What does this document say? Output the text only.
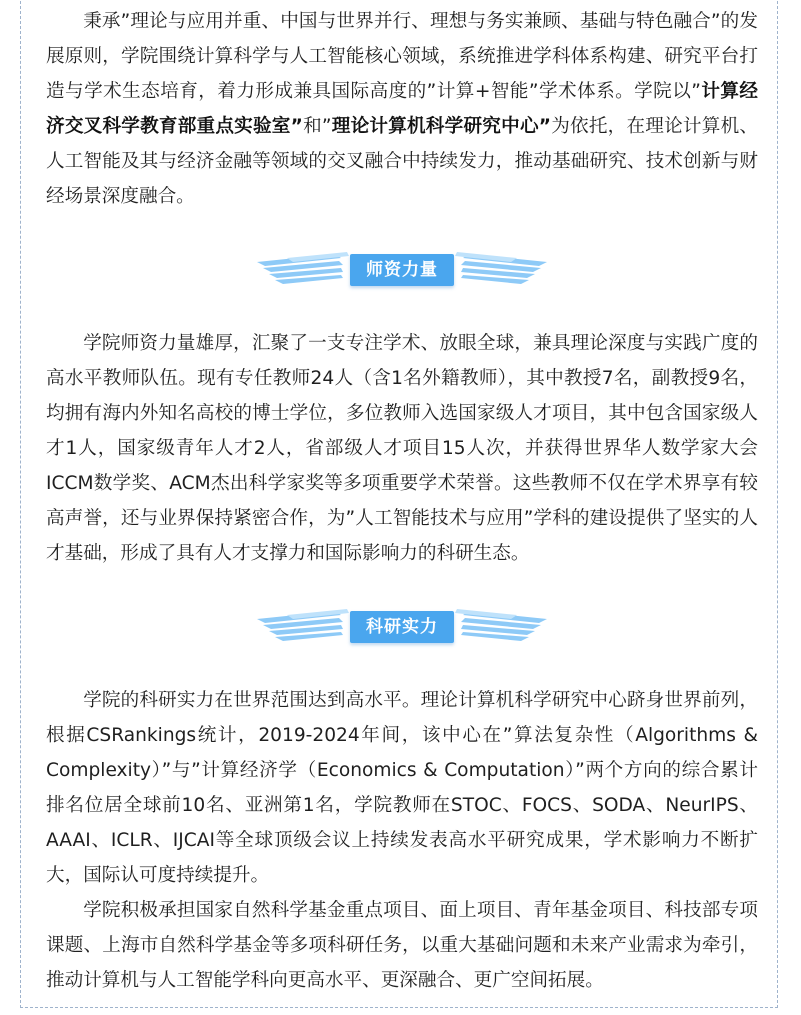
秉承”理论与应用并重、中国与世界并行、理想与务实兼顾、基础与特色融合”的发展原则，学院围绕计算科学与人工智能核心领域，系统推进学科体系构建、研究平台打造与学术生态培育，着力形成兼具国际高度的”计算+智能”学术体系。学院以”计算经济交叉科学教育部重点实验室”和”理论计算机科学研究中心”为依托，在理论计算机、人工智能及其与经济金融等领域的交叉融合中持续发力，推动基础研究、技术创新与财经场景深度融合。

师资力量

学院师资力量雄厚，汇聚了一支专注学术、放眼全球，兼具理论深度与实践广度的高水平教师队伍。现有专任教师24人（含1名外籍教师），其中教授7名，副教授9名，均拥有海内外知名高校的博士学位，多位教师入选国家级人才项目，其中包含国家级人才1人，国家级青年人才2人，省部级人才项目15人次，并获得世界华人数学家大会ICCM数学奖、ACM杰出科学家奖等多项重要学术荣誉。这些教师不仅在学术界享有较高声誉，还与业界保持紧密合作，为”人工智能技术与应用”学科的建设提供了坚实的人才基础，形成了具有人才支撑力和国际影响力的科研生态。

科研实力

学院的科研实力在世界范围达到高水平。理论计算机科学研究中心跻身世界前列，根据CSRankings统计，2019-2024年间，该中心在”算法复杂性（Algorithms & Complexity）”与”计算经济学（Economics & Computation）”两个方向的综合累计排名位居全球前10名、亚洲第1名，学院教师在STOC、FOCS、SODA、NeurIPS、AAAI、ICLR、IJCAI等全球顶级会议上持续发表高水平研究成果，学术影响力不断扩大，国际认可度持续提升。

学院积极承担国家自然科学基金重点项目、面上项目、青年基金项目、科技部专项课题、上海市自然科学基金等多项科研任务，以重大基础问题和未来产业需求为牵引，推动计算机与人工智能学科向更高水平、更深融合、更广空间拓展。
